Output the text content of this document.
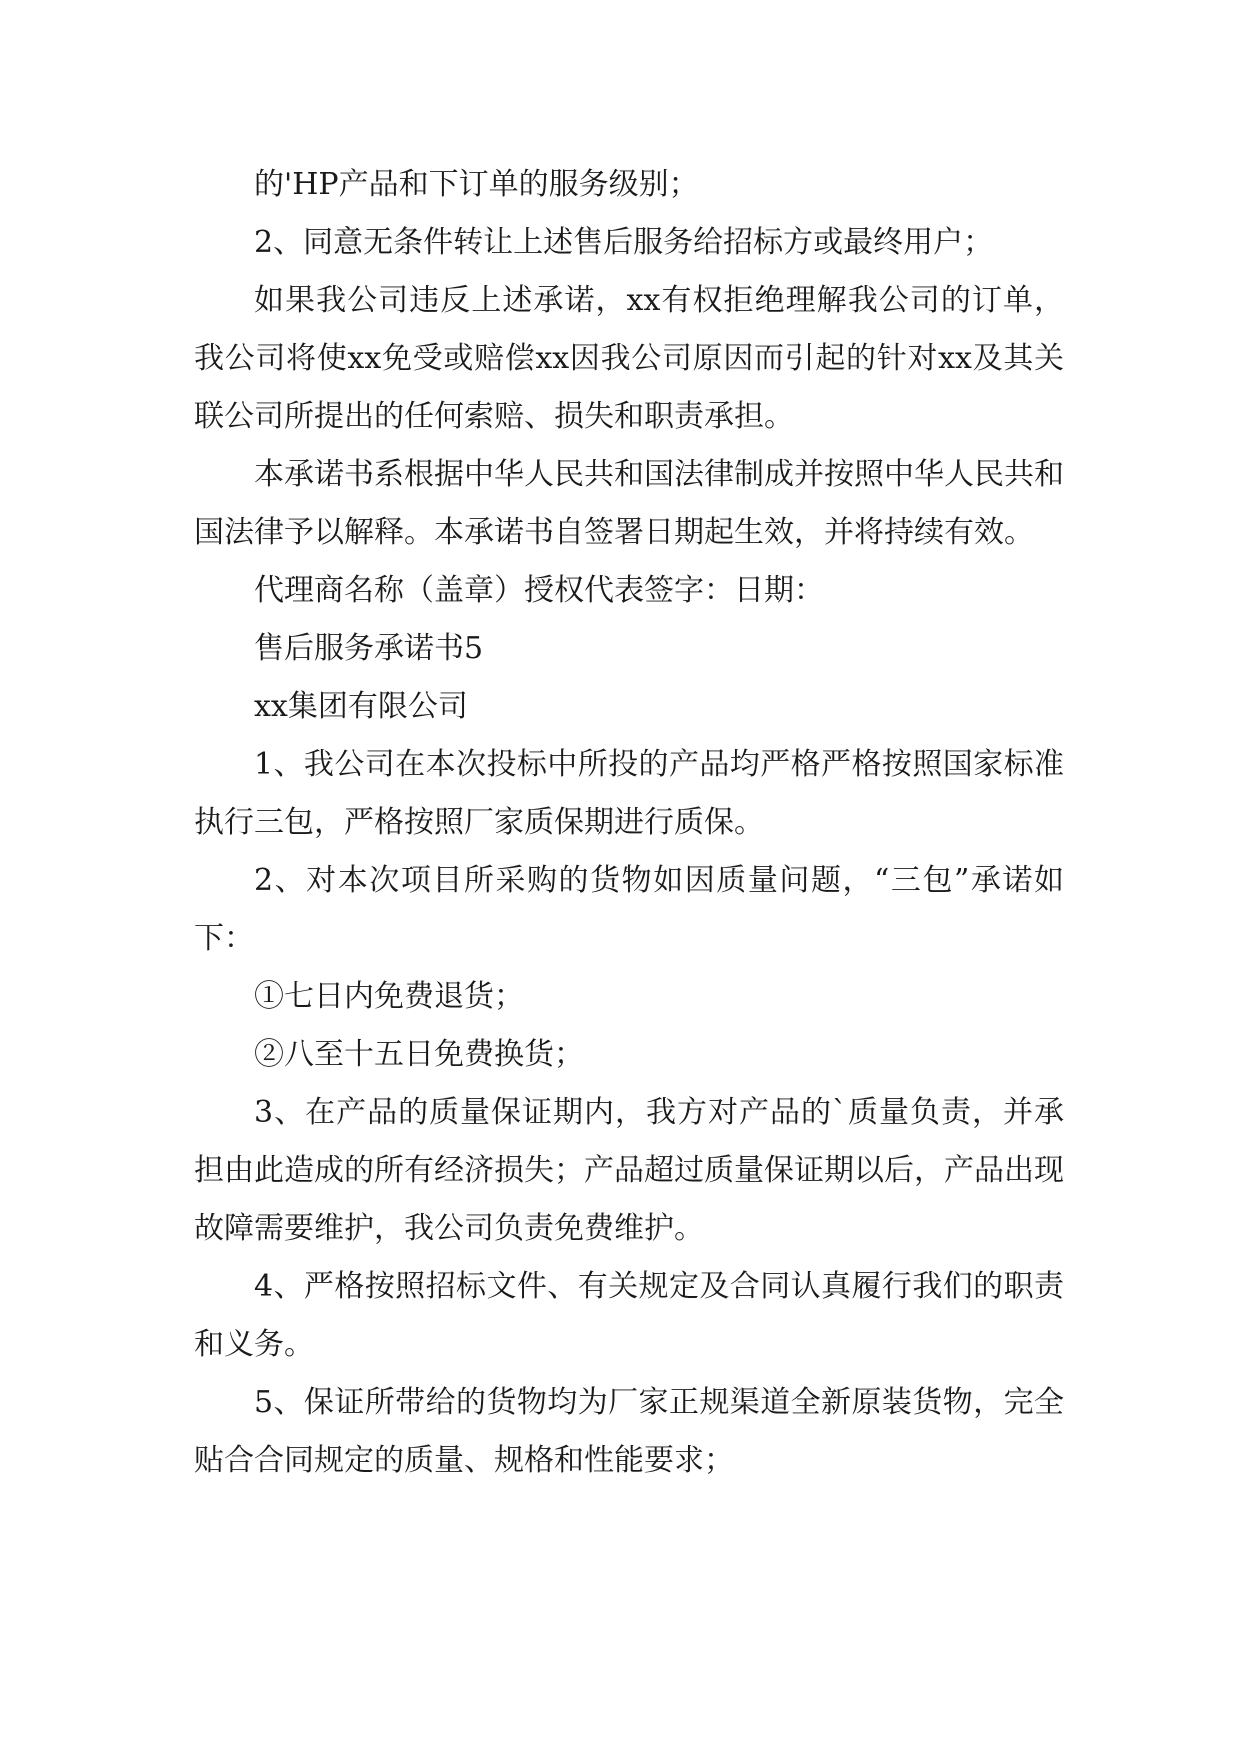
的'HP产品和下订单的服务级别；

2、同意无条件转让上述售后服务给招标方或最终用户；

如果我公司违反上述承诺，xx有权拒绝理解我公司的订单，我公司将使xx免受或赔偿xx因我公司原因而引起的针对xx及其关联公司所提出的任何索赔、损失和职责承担。

本承诺书系根据中华人民共和国法律制成并按照中华人民共和国法律予以解释。本承诺书自签署日期起生效，并将持续有效。

代理商名称（盖章）授权代表签字：日期：

售后服务承诺书5

xx集团有限公司

1、我公司在本次投标中所投的产品均严格严格按照国家标准执行三包，严格按照厂家质保期进行质保。

2、对本次项目所采购的货物如因质量问题，“三包”承诺如下：

①七日内免费退货；

②八至十五日免费换货；

3、在产品的质量保证期内，我方对产品的`质量负责，并承担由此造成的所有经济损失；产品超过质量保证期以后，产品出现故障需要维护，我公司负责免费维护。

4、严格按照招标文件、有关规定及合同认真履行我们的职责和义务。

5、保证所带给的货物均为厂家正规渠道全新原装货物，完全贴合合同规定的质量、规格和性能要求；
